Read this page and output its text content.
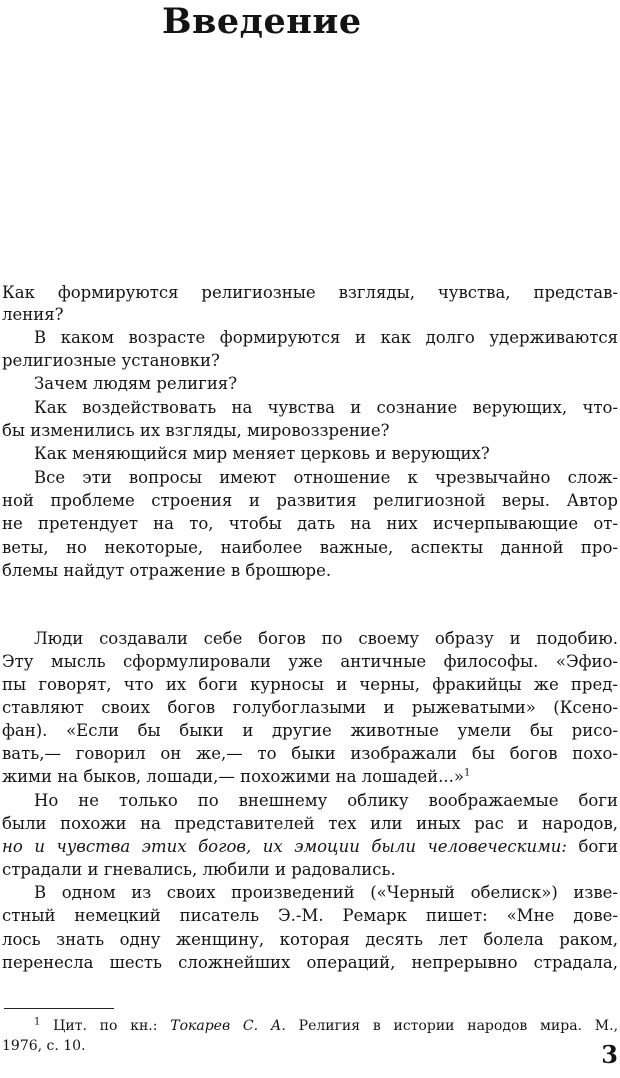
Введение
Как формируются религиозные взгляды, чувства, представ-
ления?
В каком возрасте формируются и как долго удерживаются
религиозные установки?
Зачем людям религия?
Как воздействовать на чувства и сознание верующих, что-
бы изменились их взгляды, мировоззрение?
Как меняющийся мир меняет церковь и верующих?
Все эти вопросы имеют отношение к чрезвычайно слож-
ной проблеме строения и развития религиозной веры. Автор
не претендует на то, чтобы дать на них исчерпывающие от-
веты, но некоторые, наиболее важные, аспекты данной про-
блемы найдут отражение в брошюре.
Люди создавали себе богов по своему образу и подобию.
Эту мысль сформулировали уже античные философы. «Эфио-
пы говорят, что их боги курносы и черны, фракийцы же пред-
ставляют своих богов голубоглазыми и рыжеватыми» (Ксено-
фан). «Если бы быки и другие животные умели бы рисо-
вать,— говорил он же,— то быки изображали бы богов похо-
жими на быков, лошади,— похожими на лошадей...»$^1$
Но не только по внешнему облику воображаемые боги
были похожи на представителей тех или иных рас и народов,
но и чувства этих богов, их эмоции были человеческими: боги
страдали и гневались, любили и радовались.
В одном из своих произведений («Черный обелиск») изве-
стный немецкий писатель Э.-М. Ремарк пишет: «Мне дове-
лось знать одну женщину, которая десять лет болела раком,
перенесла шесть сложнейших операций, непрерывно страдала,
$^1$ Цит. по кн.: Токарев С. А. Религия в истории народов мира. М.,
1976, с. 10.	3
